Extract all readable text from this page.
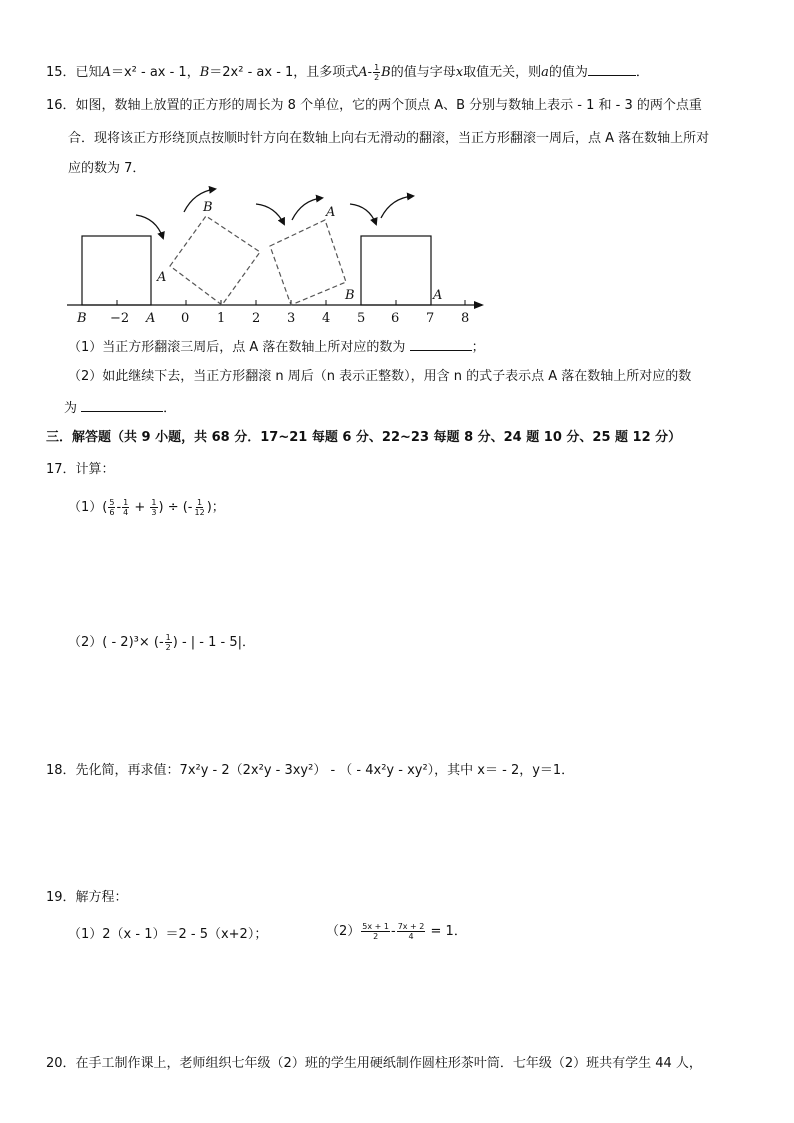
15．已知A＝x² - ax - 1，B＝2x² - ax - 1，且多项式$A- \frac{1}{2}$ B的值与字母x取值无关，则a的值为	．
16．如图，数轴上放置的正方形的周长为 8 个单位，它的两个顶点 A、B 分别与数轴上表示 - 1 和 - 3 的两个点重
合．现将该正方形绕顶点按顺时针方向在数轴上向右无滑动的翻滚，当正方形翻滚一周后，点 A 落在数轴上所对
应的数为 7．
B −2 A 0 1 2 3 4 5 6 7 8
A
B	A
B	A
（1）当正方形翻滚三周后，点 A 落在数轴上所对应的数为	；
（2）如此继续下去，当正方形翻滚 n 周后（n 表示正整数），用含 n 的式子表示点 A 落在数轴上所对应的数
为	．
三．解答题（共 9 小题，共 68 分．17~21 每题 6 分、22~23 每题 8 分、24 题 10 分、25 题 12 分）
17．计算：
$(1)( \frac{5}{6} - \frac{1}{4} + \frac{1}{3}$ ) ÷ (- $\frac{1}{12}$ )；
（2）( - 2)³× (- $\frac{1}{2}$ ) - | - 1 - 5|．
18．先化简，再求值：7x²y - 2（2x²y - 3xy²） - （ - 4x²y - xy²），其中 x＝ - 2，y＝1．
19．解方程：
（1）2（x - 1）＝2 - 5（x+2）；	$(2) \frac{5x + 1}{2} - \frac{7x + 2}{4} = 1$．
20．在手工制作课上，老师组织七年级（2）班的学生用硬纸制作圆柱形茶叶筒．七年级（2）班共有学生 44 人，
